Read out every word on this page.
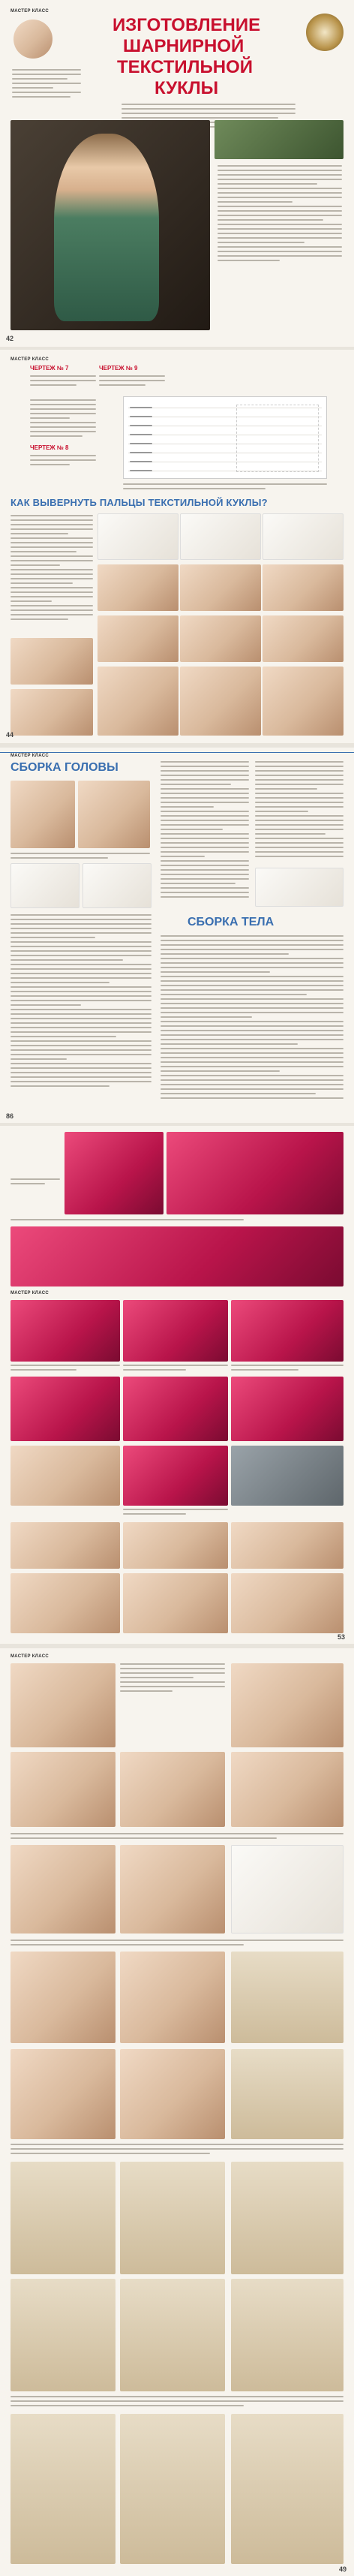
МАСТЕР КЛАСС
ИЗГОТОВЛЕНИЕ
ШАРНИРНОЙ
ТЕКСТИЛЬНОЙ
КУКЛЫ
42
МАСТЕР КЛАСС
ЧЕРТЕЖ № 7	ЧЕРТЕЖ № 9
ЧЕРТЕЖ № 8
КАК ВЫВЕРНУТЬ ПАЛЬЦЫ ТЕКСТИЛЬНОЙ КУКЛЫ?
44
МАСТЕР КЛАСС
СБОРКА ГОЛОВЫ
СБОРКА ТЕЛА
86
МАСТЕР КЛАСС
53
МАСТЕР КЛАСС
49
